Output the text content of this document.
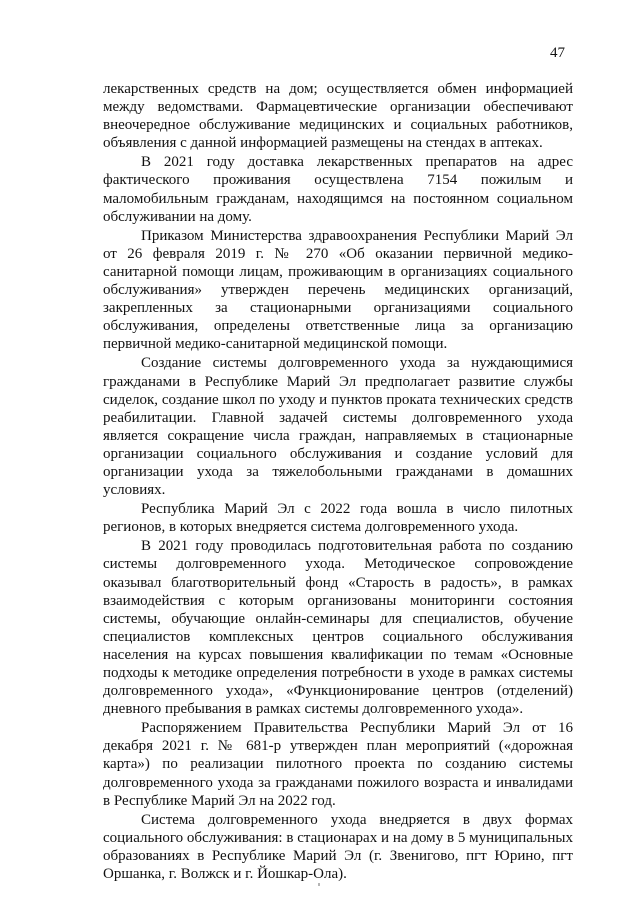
47

лекарственных средств на дом; осуществляется обмен информацией между ведомствами. Фармацевтические организации обеспечивают внеочередное обслуживание медицинских и социальных работников, объявления с данной информацией размещены на стендах в аптеках.

В 2021 году доставка лекарственных препаратов на адрес фактического проживания осуществлена 7154 пожилым и маломобильным гражданам, находящимся на постоянном социальном обслуживании на дому.

Приказом Министерства здравоохранения Республики Марий Эл от 26 февраля 2019 г. № 270 «Об оказании первичной медико-санитарной помощи лицам, проживающим в организациях социального обслуживания» утвержден перечень медицинских организаций, закрепленных за стационарными организациями социального обслуживания, определены ответственные лица за организацию первичной медико-санитарной медицинской помощи.

Создание системы долговременного ухода за нуждающимися гражданами в Республике Марий Эл предполагает развитие службы сиделок, создание школ по уходу и пунктов проката технических средств реабилитации. Главной задачей системы долговременного ухода является сокращение числа граждан, направляемых в стационарные организации социального обслуживания и создание условий для организации ухода за тяжелобольными гражданами в домашних условиях.

Республика Марий Эл с 2022 года вошла в число пилотных регионов, в которых внедряется система долговременного ухода.

В 2021 году проводилась подготовительная работа по созданию системы долговременного ухода. Методическое сопровождение оказывал благотворительный фонд «Старость в радость», в рамках взаимодействия с которым организованы мониторинги состояния системы, обучающие онлайн-семинары для специалистов, обучение специалистов комплексных центров социального обслуживания населения на курсах повышения квалификации по темам «Основные подходы к методике определения потребности в уходе в рамках системы долговременного ухода», «Функционирование центров (отделений) дневного пребывания в рамках системы долговременного ухода».

Распоряжением Правительства Республики Марий Эл от 16 декабря 2021 г. № 681-р утвержден план мероприятий («дорожная карта») по реализации пилотного проекта по созданию системы долговременного ухода за гражданами пожилого возраста и инвалидами в Республике Марий Эл на 2022 год.

Система долговременного ухода внедряется в двух формах социального обслуживания: в стационарах и на дому в 5 муниципальных образованиях в Республике Марий Эл (г. Звенигово, пгт Юрино, пгт Оршанка, г. Волжск и г. Йошкар-Ола).
